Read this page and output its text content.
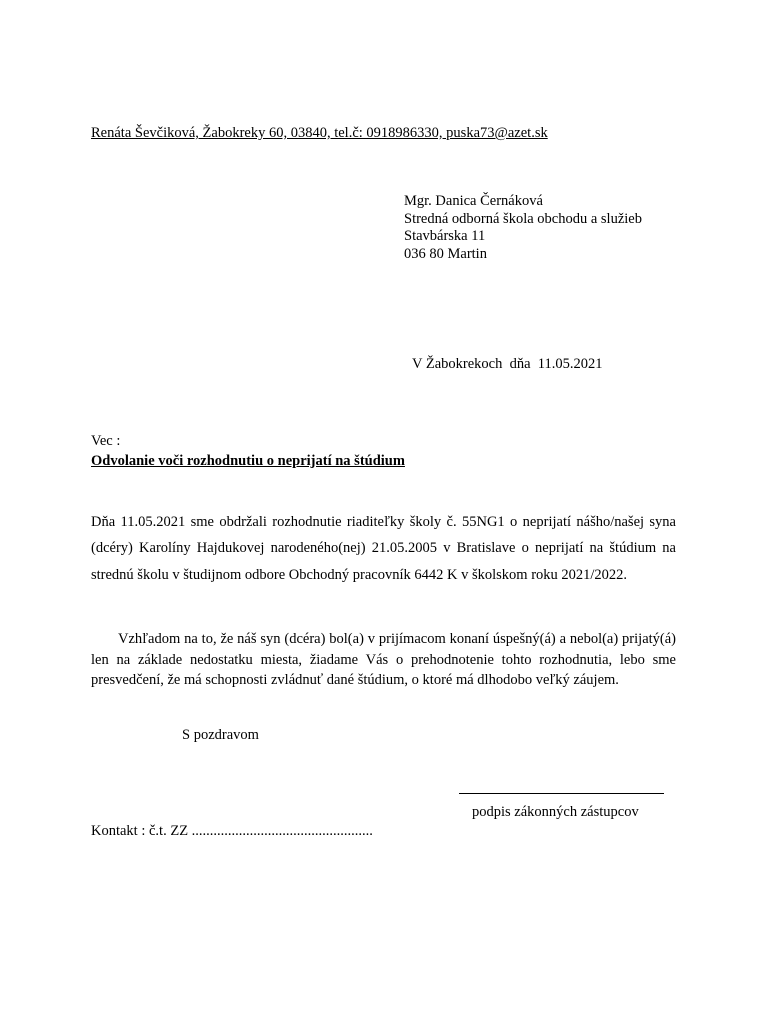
Renáta Ševčiková, Žabokreky 60, 03840, tel.č: 0918986330, puska73@azet.sk
Mgr. Danica Černáková
Stredná odborná škola obchodu a služieb
Stavbárska 11
036 80 Martin
V Žabokrekoch  dňa  11.05.2021
Vec :
Odvolanie voči rozhodnutiu o neprijatí na štúdium
Dňa 11.05.2021 sme obdržali rozhodnutie riaditeľky školy č. 55NG1 o neprijatí nášho/našej syna (dcéry) Karolíny Hajdukovej narodeného(nej) 21.05.2005 v Bratislave o neprijatí na štúdium na strednú školu v študijnom odbore Obchodný pracovník 6442 K v školskom roku 2021/2022.
Vzhľadom na to, že náš syn (dcéra) bol(a) v prijímacom konaní úspešný(á) a nebol(a) prijatý(á) len na základe nedostatku miesta, žiadame Vás o prehodnotenie tohto rozhodnutia, lebo sme presvedčení, že má schopnosti zvládnuť dané štúdium, o ktoré má dlhodobo veľký záujem.
S pozdravom
podpis zákonných zástupcov
Kontakt : č.t. ZZ ..................................................
